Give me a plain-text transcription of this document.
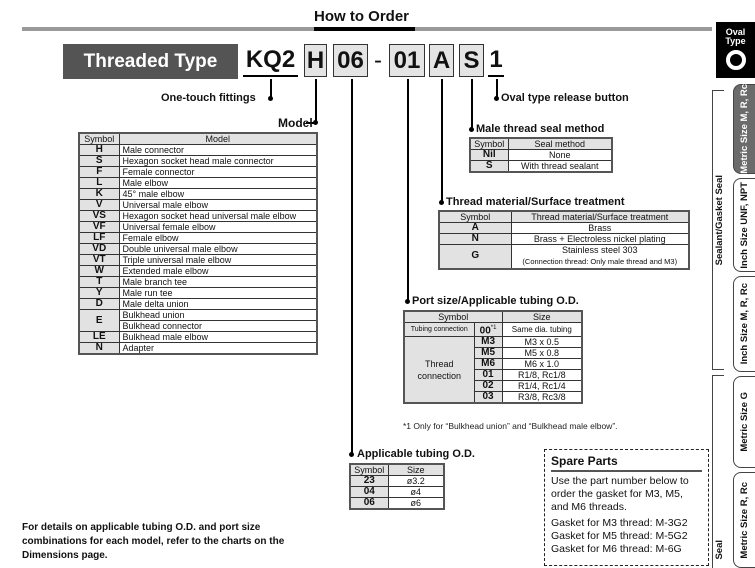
How to Order
Threaded Type	KQ2 H 06 - 01 A S 1
One-touch fittings
Model
Oval type release button
Male thread seal method
Thread material/Surface treatment
Port size/Applicable tubing O.D.
Applicable tubing O.D.
Symbol	Model
H	Male connector
S	Hexagon socket head male connector
F	Female connector
L	Male elbow
K	45° male elbow
V	Universal male elbow
VS	Hexagon socket head universal male elbow
VF	Universal female elbow
LF	Female elbow
VD	Double universal male elbow
VT	Triple universal male elbow
W	Extended male elbow
T	Male branch tee
Y	Male run tee
D	Male delta union
E	Bulkhead union
	Bulkhead connector
LE	Bulkhead male elbow
N	Adapter
Symbol	Seal method
Nil	None
S	With thread sealant
Symbol	Thread material/Surface treatment
A	Brass
N	Brass + Electroless nickel plating
G	Stainless steel 303
(Connection thread: Only male thread and M3)
Symbol		Size
Tubing connection	00$^{*1}$	Same dia. tubing
Thread connection	M3	M3 x 0.5
	M5	M5 x 0.8
	M6	M6 x 1.0
	01	R1/8, Rc1/8
	02	R1/4, Rc1/4
	03	R3/8, Rc3/8
*1 Only for “Bulkhead union” and “Bulkhead male elbow”.
Symbol	Size
23	ø3.2
04	ø4
06	ø6
For details on applicable tubing O.D. and port size combinations for each model, refer to the charts on the Dimensions page.
Spare Parts
Use the part number below to order the gasket for M3, M5, and M6 threads.
Gasket for M3 thread: M-3G2
Gasket for M5 thread: M-5G2
Gasket for M6 thread: M-6G
Oval
Type
Sealant/Gasket Seal
Seal
Metric Size M, R, Rc
Inch Size UNF, NPT
Inch Size M, R, Rc
Metric Size G
Metric Size R, Rc
